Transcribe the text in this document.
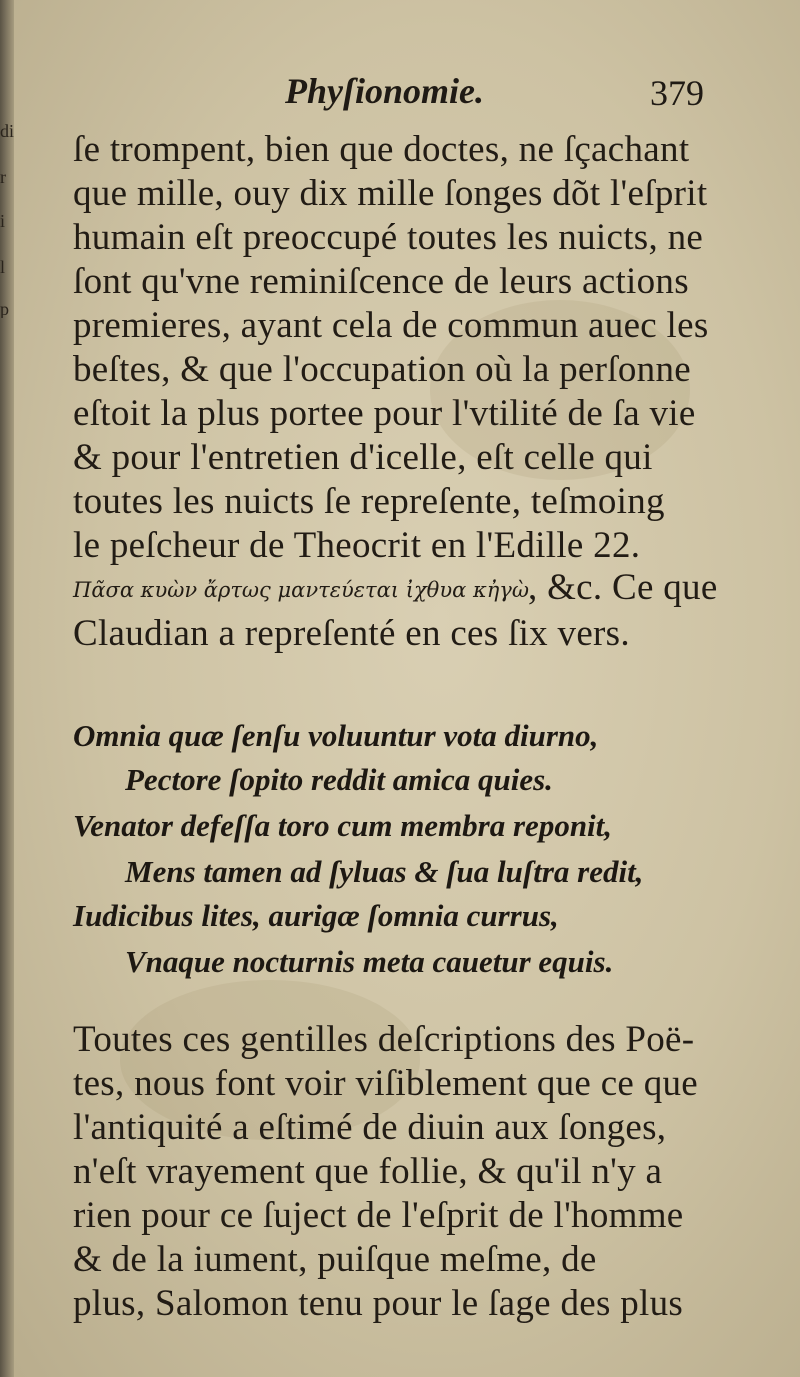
di
r
i
l
p
Phyſionomie.	379
ſe trompent, bien que doctes, ne ſçachant
que mille, ouy dix mille ſonges dõt l'eſprit
humain eſt preoccupé toutes les nuicts, ne
ſont qu'vne reminiſcence de leurs actions
premieres, ayant cela de commun auec les
beſtes, & que l'occupation où la perſonne
eſtoit la plus portee pour l'vtilité de ſa vie
& pour l'entretien d'icelle, eſt celle qui
toutes les nuicts ſe repreſente, teſmoing
le peſcheur de Theocrit en l'Edille 22.
Πᾶσα κυὼν ἄρτως μαντεύεται ἰχθυα κἠγὼ , &c. Ce que
Claudian a repreſenté en ces ſix vers.
Omnia quæ ſenſu voluuntur vota diurno,
Pectore ſopito reddit amica quies.
Venator defeſſa toro cum membra reponit,
Mens tamen ad ſyluas & ſua luſtra redit,
Iudicibus lites, aurigæ ſomnia currus,
Vnaque nocturnis meta cauetur equis.
Toutes ces gentilles deſcriptions des Poë-
tes, nous font voir viſiblement que ce que
l'antiquité a eſtimé de diuin aux ſonges,
n'eſt vrayement que follie, & qu'il n'y a
rien pour ce ſuject de l'eſprit de l'homme
& de la iument, puiſque meſme, de
plus, Salomon tenu pour le ſage des plus
